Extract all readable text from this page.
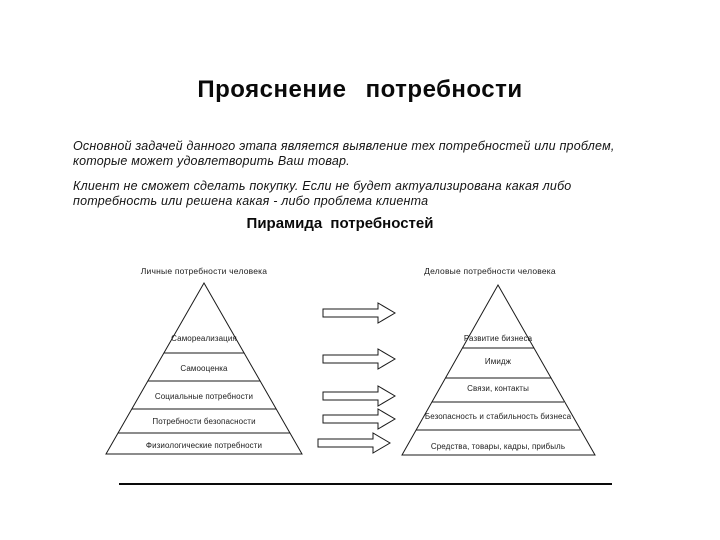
Прояснение потребности
Основной задачей данного этапа является выявление тех потребностей или проблем, которые может удовлетворить Ваш товар.
Клиент не сможет сделать покупку. Если не будет актуализирована какая либо потребность или решена какая - либо проблема клиента
Пирамида потребностей
Личные потребности человека	Деловые потребности человека
Самореализация
Самооценка
Социальные потребности
Потребности безопасности
Физиологические потребности
Развитие бизнеса
Имидж
Связи, контакты
Безопасность и стабильность бизнеса
Средства, товары, кадры, прибыль
